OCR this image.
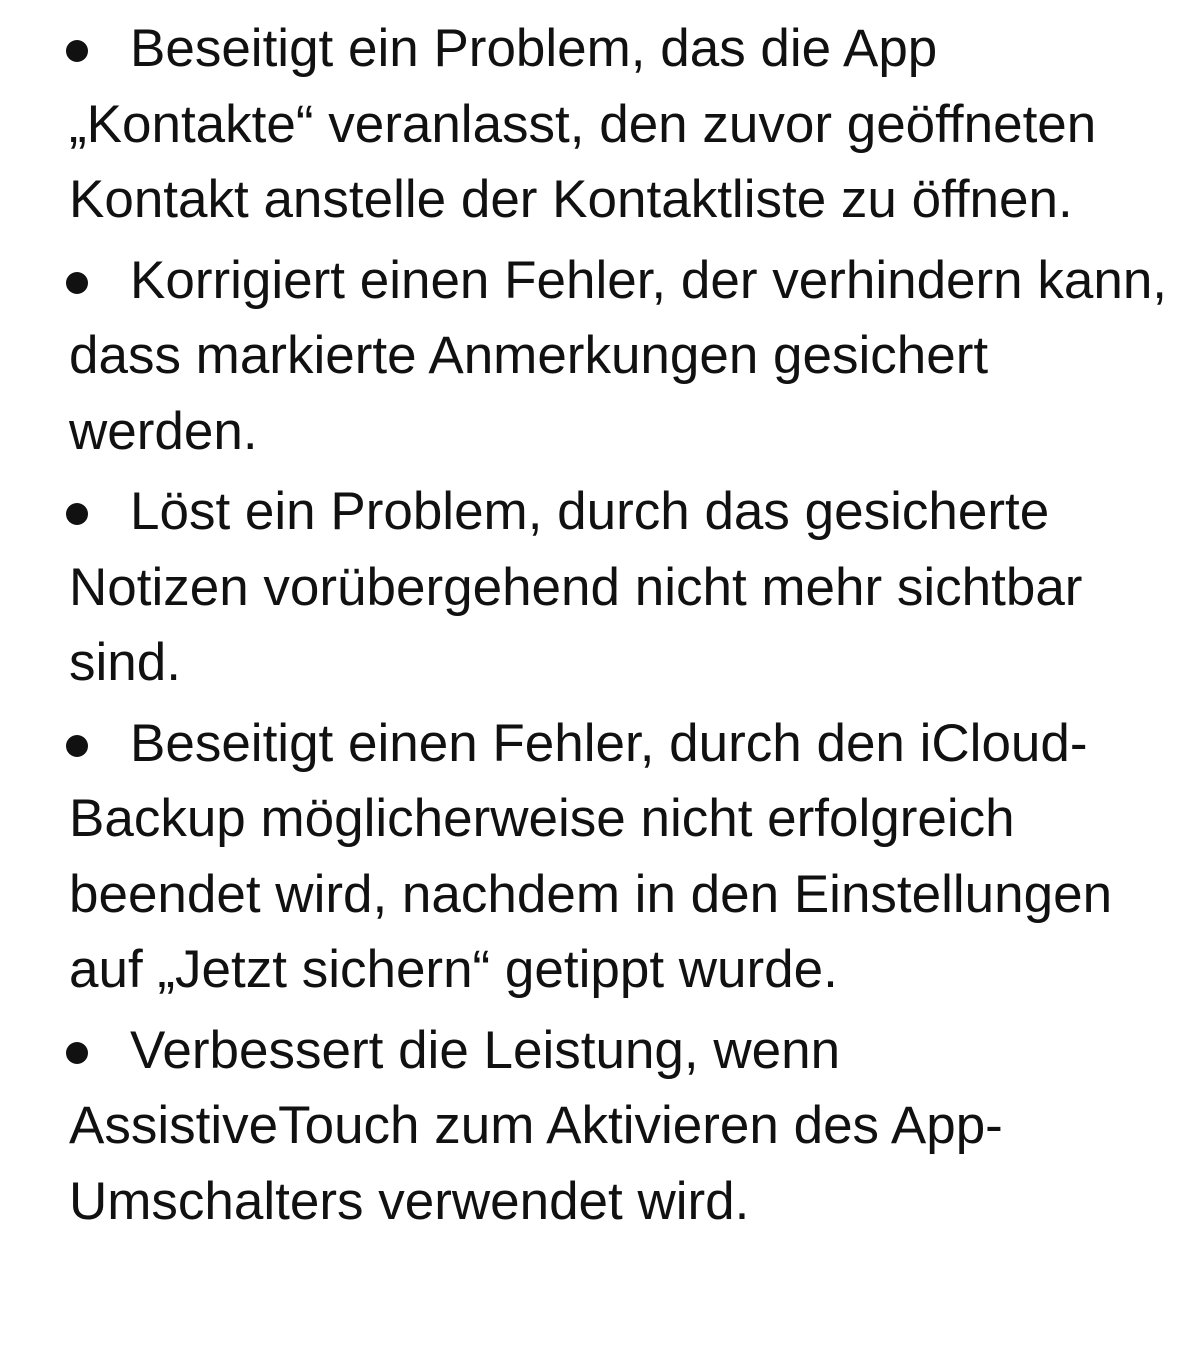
Beseitigt ein Problem, das die App „Kontakte“ veranlasst, den zuvor geöffneten Kontakt anstelle der Kontaktliste zu öffnen.
Korrigiert einen Fehler, der verhindern kann, dass markierte Anmerkungen gesichert werden.
Löst ein Problem, durch das gesicherte Notizen vorübergehend nicht mehr sichtbar sind.
Beseitigt einen Fehler, durch den iCloud-Backup möglicherweise nicht erfolgreich beendet wird, nachdem in den Einstellungen auf „Jetzt sichern“ getippt wurde.
Verbessert die Leistung, wenn AssistiveTouch zum Aktivieren des App-Umschalters verwendet wird.
